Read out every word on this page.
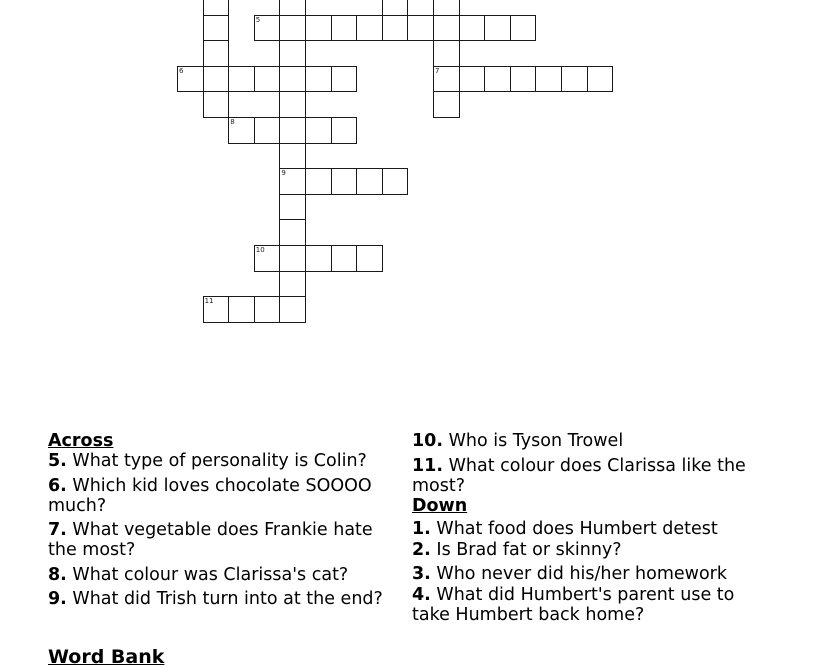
5
6	7
8
9
10
11
Across
5. What type of personality is Colin?
6. Which kid loves chocolate SOOOO much?
7. What vegetable does Frankie hate the most?
8. What colour was Clarissa's cat?
9. What did Trish turn into at the end?
10. Who is Tyson Trowel
11. What colour does Clarissa like the most?
Down
1. What food does Humbert detest
2. Is Brad fat or skinny?
3. Who never did his/her homework
4. What did Humbert's parent use to take Humbert back home?
Word Bank
